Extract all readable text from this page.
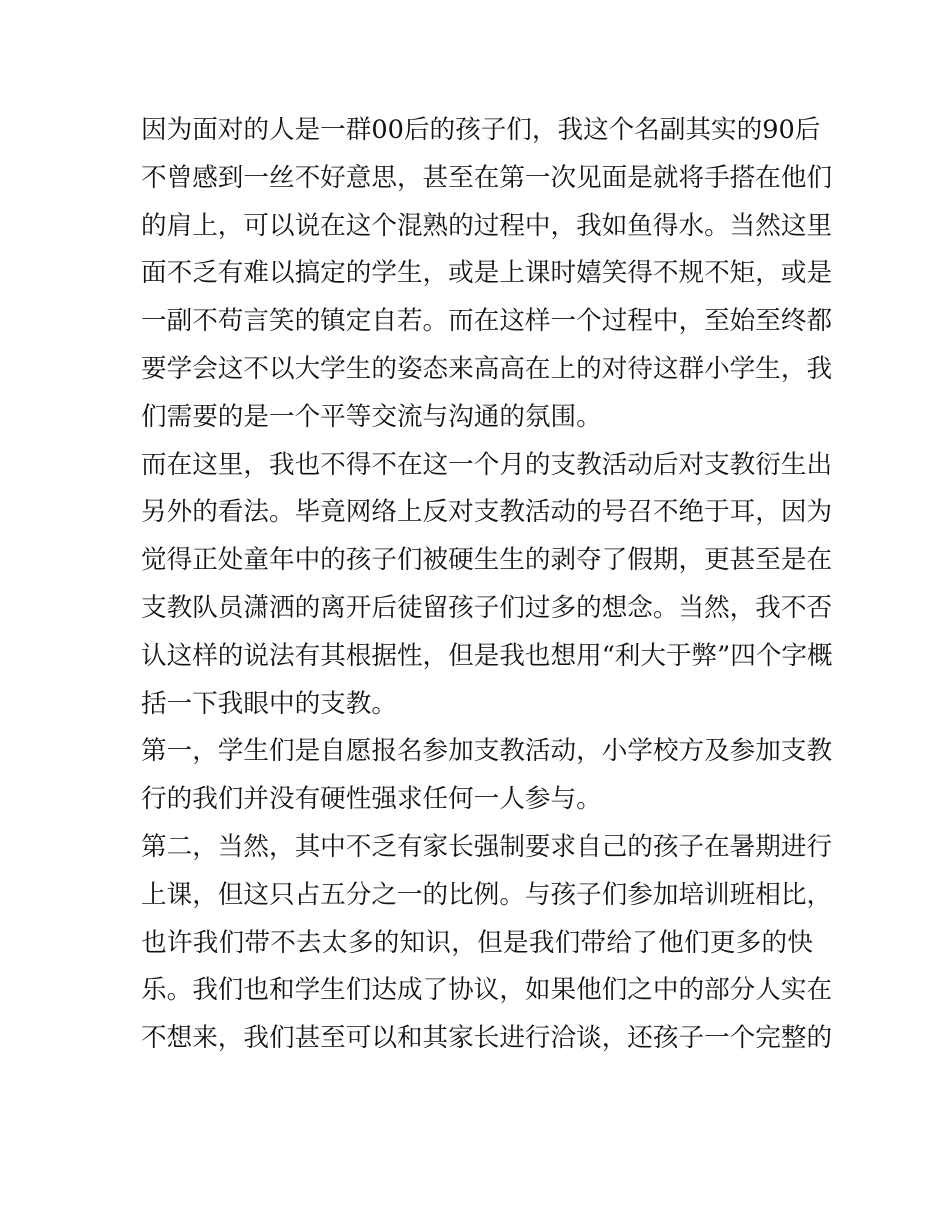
因为面对的人是一群00后的孩子们，我这个名副其实的90后
不曾感到一丝不好意思，甚至在第一次见面是就将手搭在他们
的肩上，可以说在这个混熟的过程中，我如鱼得水。当然这里
面不乏有难以搞定的学生，或是上课时嬉笑得不规不矩，或是
一副不苟言笑的镇定自若。而在这样一个过程中，至始至终都
要学会这不以大学生的姿态来高高在上的对待这群小学生，我
们需要的是一个平等交流与沟通的氛围。
而在这里，我也不得不在这一个月的支教活动后对支教衍生出
另外的看法。毕竟网络上反对支教活动的号召不绝于耳，因为
觉得正处童年中的孩子们被硬生生的剥夺了假期，更甚至是在
支教队员潇洒的离开后徒留孩子们过多的想念。当然，我不否
认这样的说法有其根据性，但是我也想用“利大于弊”四个字概
括一下我眼中的支教。
第一，学生们是自愿报名参加支教活动，小学校方及参加支教
行的我们并没有硬性强求任何一人参与。
第二，当然，其中不乏有家长强制要求自己的孩子在暑期进行
上课，但这只占五分之一的比例。与孩子们参加培训班相比，
也许我们带不去太多的知识，但是我们带给了他们更多的快
乐。我们也和学生们达成了协议，如果他们之中的部分人实在
不想来，我们甚至可以和其家长进行洽谈，还孩子一个完整的
